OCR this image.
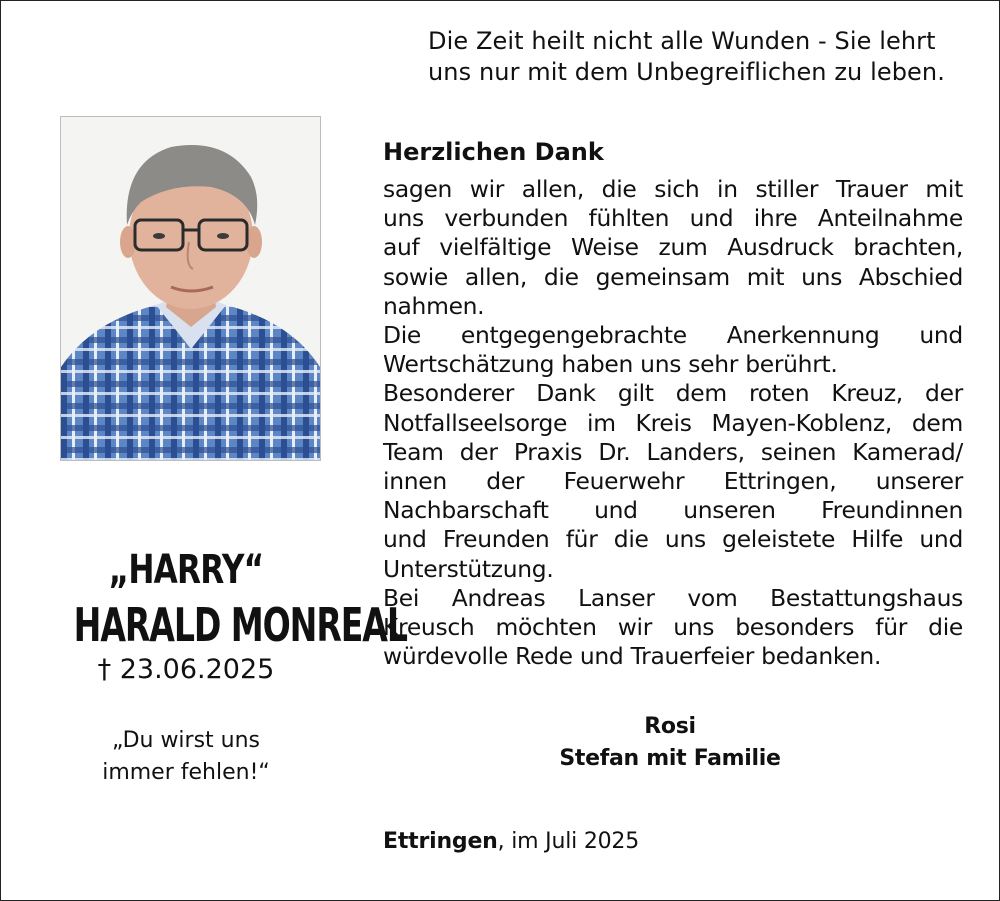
Die Zeit heilt nicht alle Wunden - Sie lehrt
uns nur mit dem Unbegreiflichen zu leben.
„HARRY“
HARALD MONREAL
† 23.06.2025
„Du wirst uns
immer fehlen!“
Herzlichen Dank
sagen wir allen, die sich in stiller Trauer mit
uns verbunden fühlten und ihre Anteilnahme
auf vielfältige Weise zum Ausdruck brachten,
sowie allen, die gemeinsam mit uns Abschied
nahmen.
Die entgegengebrachte Anerkennung und
Wertschätzung haben uns sehr berührt.
Besonderer Dank gilt dem roten Kreuz, der
Notfallseelsorge im Kreis Mayen-Koblenz, dem
Team der Praxis Dr. Landers, seinen Kamerad/
innen der Feuerwehr Ettringen, unserer
Nachbarschaft und unseren Freundinnen
und Freunden für die uns geleistete Hilfe und
Unterstützung.
Bei Andreas Lanser vom Bestattungshaus
Kreusch möchten wir uns besonders für die
würdevolle Rede und Trauerfeier bedanken.
Rosi
Stefan mit Familie
Ettringen, im Juli 2025
